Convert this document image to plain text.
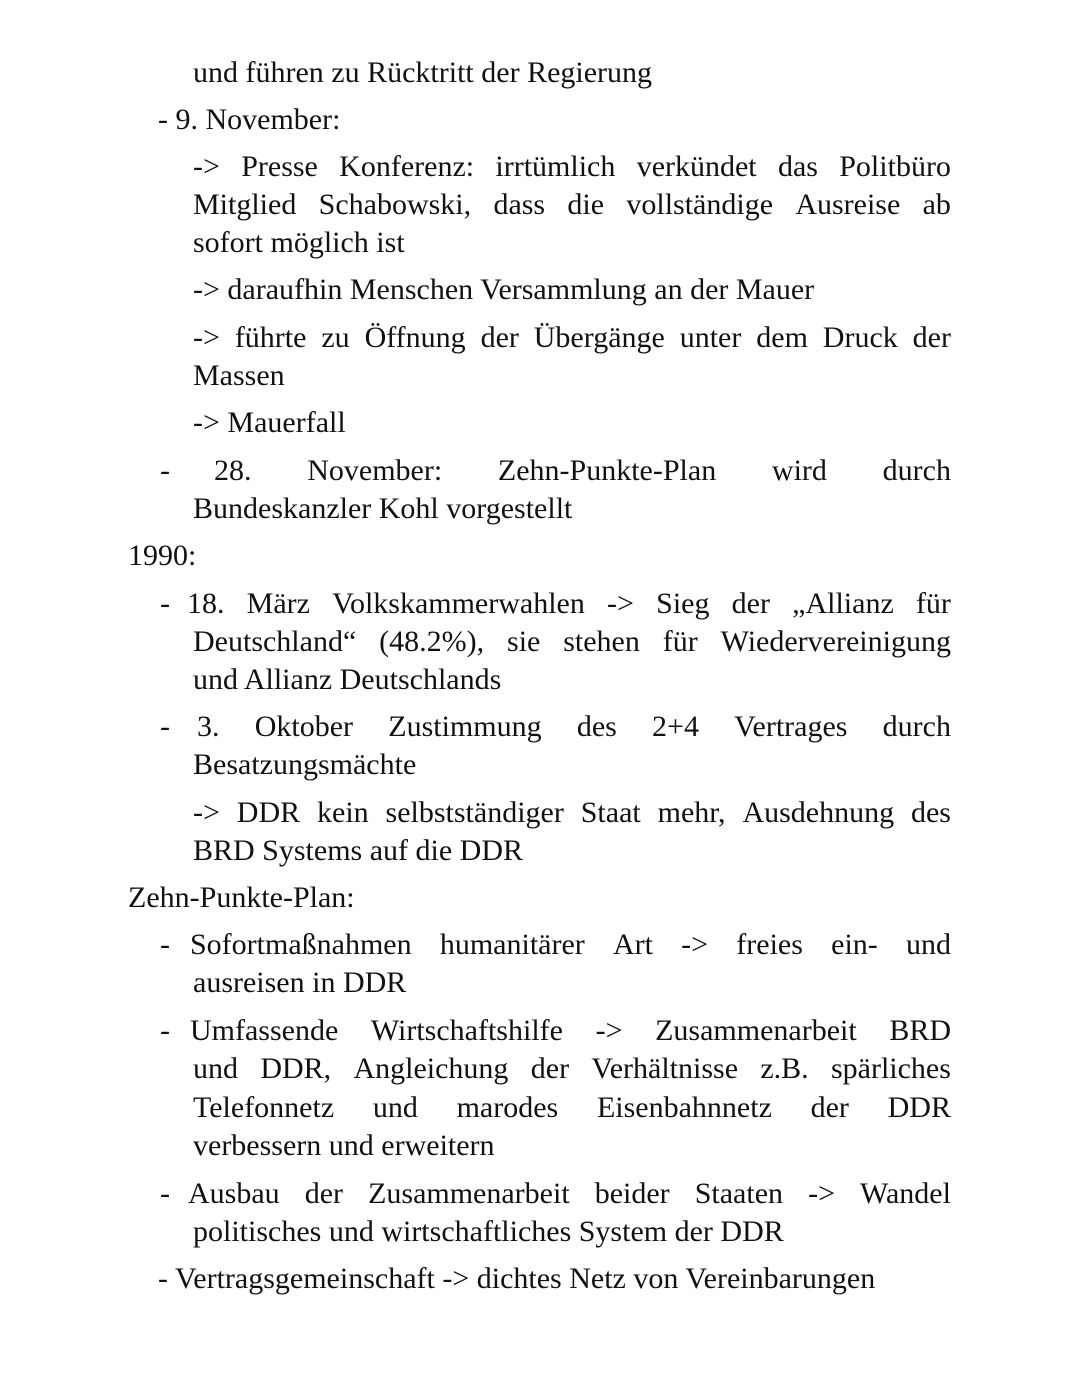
und führen zu Rücktritt der Regierung
- 9. November:
-> Presse Konferenz: irrtümlich verkündet das Politbüro
Mitglied Schabowski, dass die vollständige Ausreise ab
sofort möglich ist
-> daraufhin Menschen Versammlung an der Mauer
-> führte zu Öffnung der Übergänge unter dem Druck der
Massen
-> Mauerfall
- 28. November: Zehn-Punkte-Plan wird durch
Bundeskanzler Kohl vorgestellt
1990:
- 18. März Volkskammerwahlen -> Sieg der „Allianz für
Deutschland“ (48.2%), sie stehen für Wiedervereinigung
und Allianz Deutschlands
- 3. Oktober Zustimmung des 2+4 Vertrages durch
Besatzungsmächte
-> DDR kein selbstständiger Staat mehr, Ausdehnung des
BRD Systems auf die DDR
Zehn-Punkte-Plan:
- Sofortmaßnahmen humanitärer Art -> freies ein- und
ausreisen in DDR
- Umfassende Wirtschaftshilfe -> Zusammenarbeit BRD
und DDR, Angleichung der Verhältnisse z.B. spärliches
Telefonnetz und marodes Eisenbahnnetz der DDR
verbessern und erweitern
- Ausbau der Zusammenarbeit beider Staaten -> Wandel
politisches und wirtschaftliches System der DDR
- Vertragsgemeinschaft -> dichtes Netz von Vereinbarungen
